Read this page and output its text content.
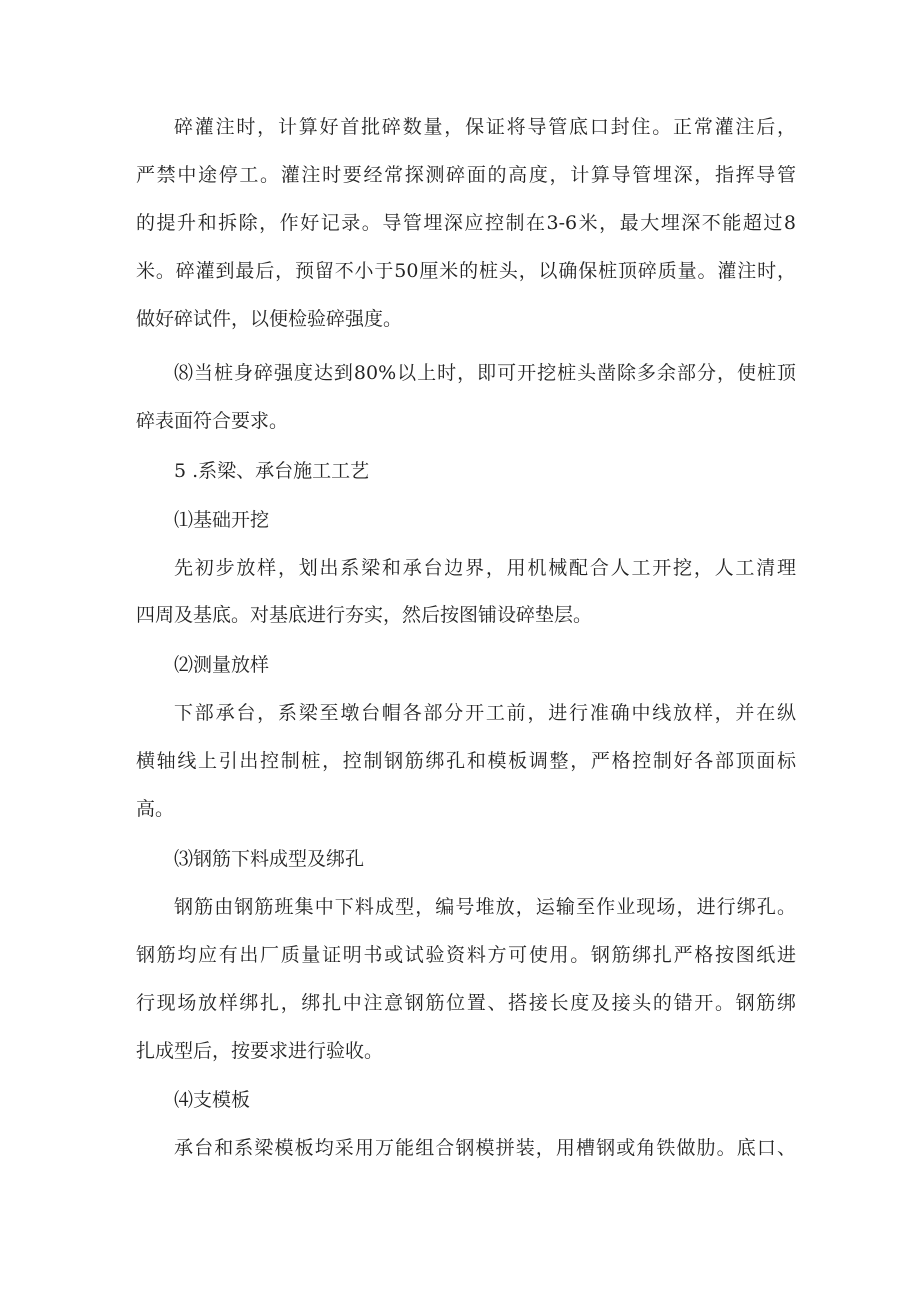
碎灌注时，计算好首批碎数量，保证将导管底口封住。正常灌注后，
严禁中途停工。灌注时要经常探测碎面的高度，计算导管埋深，指挥导管
的提升和拆除，作好记录。导管埋深应控制在3-6米，最大埋深不能超过8
米。碎灌到最后，预留不小于50厘米的桩头，以确保桩顶碎质量。灌注时，
做好碎试件，以便检验碎强度。
⑻当桩身碎强度达到80%以上时，即可开挖桩头凿除多余部分，使桩顶
碎表面符合要求。
5 .系梁、承台施工工艺
⑴基础开挖
先初步放样，划出系梁和承台边界，用机械配合人工开挖，人工清理
四周及基底。对基底进行夯实，然后按图铺设碎垫层。
⑵测量放样
下部承台，系梁至墩台帽各部分开工前，进行准确中线放样，并在纵
横轴线上引出控制桩，控制钢筋绑孔和模板调整，严格控制好各部顶面标
高。
⑶钢筋下料成型及绑孔
钢筋由钢筋班集中下料成型，编号堆放，运输至作业现场，进行绑孔。
钢筋均应有出厂质量证明书或试验资料方可使用。钢筋绑扎严格按图纸进
行现场放样绑扎，绑扎中注意钢筋位置、搭接长度及接头的错开。钢筋绑
扎成型后，按要求进行验收。
⑷支模板
承台和系梁模板均采用万能组合钢模拼装，用槽钢或角铁做肋。底口、
